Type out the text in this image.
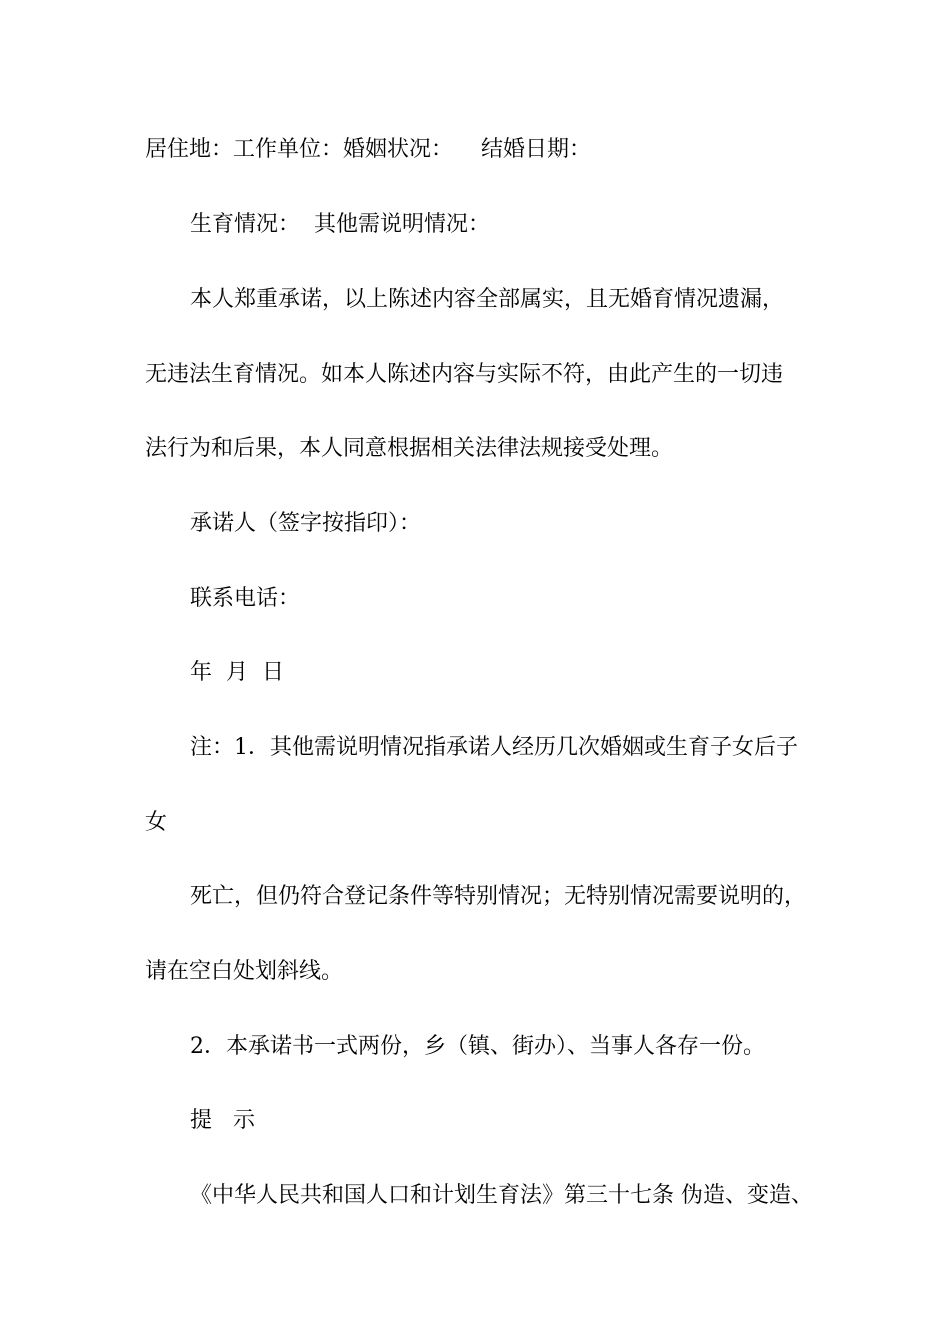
居住地：工作单位：婚姻状况：    结婚日期：
生育情况：  其他需说明情况：
本人郑重承诺，以上陈述内容全部属实，且无婚育情况遗漏，
无违法生育情况。如本人陈述内容与实际不符，由此产生的一切违
法行为和后果，本人同意根据相关法律法规接受处理。
承诺人（签字按指印）：
联系电话：
年  月  日
注：1．其他需说明情况指承诺人经历几次婚姻或生育子女后子
女
死亡，但仍符合登记条件等特别情况；无特别情况需要说明的，
请在空白处划斜线。
2．本承诺书一式两份，乡（镇、街办）、当事人各存一份。
提   示
《中华人民共和国人口和计划生育法》第三十七条 伪造、变造、
